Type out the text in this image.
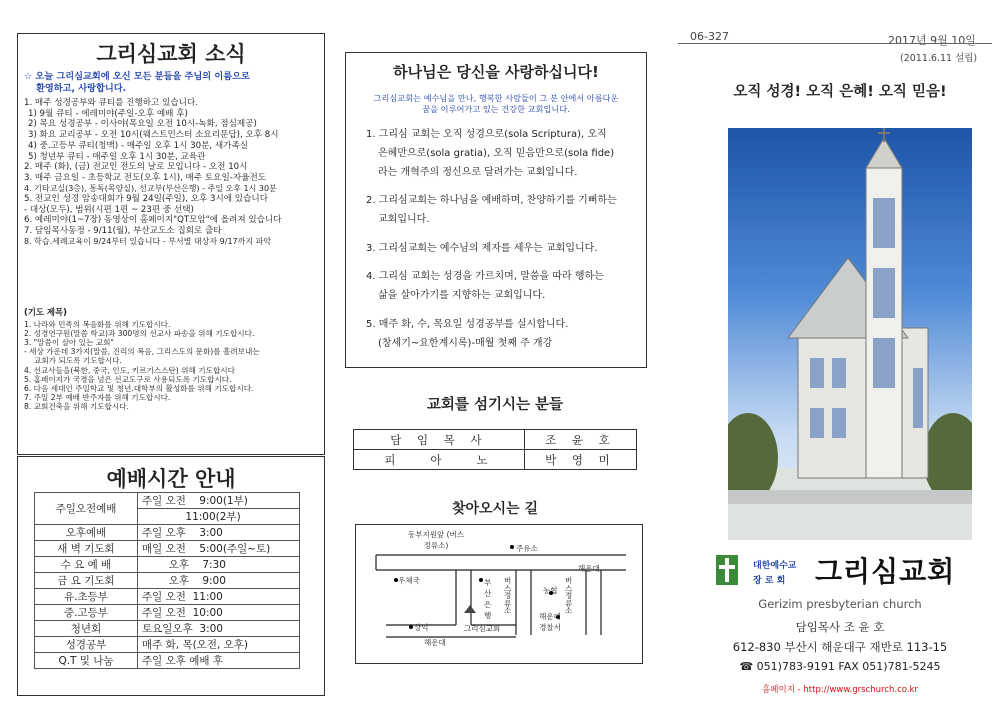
그리심교회 소식
☆ 오늘 그리심교회에 오신 모든 분들을 주님의 이름으로
환영하고, 사랑합니다.
1. 매주 성경공부와 큐티를 진행하고 있습니다.
1) 9월 큐티 - 에레미야(주일-오후 예배 후)
2) 목요 성경공부 - 이사야(목요일 오전 10시-녹화, 점심제공)
3) 화요 교리공부 - 오전 10시(웨스트민스터 소요리문답), 오후 8시
4) 중.고등부 큐티(청맥) - 매주일 오후 1시 30분, 새가족실
5) 청년부 큐티 - 매주일 오후 1시 30분, 교육관
2. 매주 (화), (금) 전교인 전도의 날로 모입니다 - 오전 10시
3. 매주 금요일 - 초등학교 전도(오후 1시), 매주 토요일-자율전도
4. 기타교실(3층), 통독(목양실), 선교부(부산은행) - 주일 오후 1시 30분
5. 전교인 성경 암송대회가 9월 24일(주일), 오후 3시에 있습니다
- 대상(모두), 범위(시편 1편 ~ 23편 중 선택)
6. 예레미야(1~7장) 동영상이 홈페이지"QT모암"에 올려져 있습니다
7. 담임목사동정 - 9/11(월), 부산교도소 집회로 출타
8. 학습.세례교육이 9/24부터 있습니다 - 부서별 대상자 9/17까지 파악
(기도 제목)
1. 나라와 민족의 복음화를 위해 기도합시다.
2. 성경연구원(말씀 학교)과 300명의 선교사 파송을 위해 기도합시다.
3. "말씀이 살아 있는 교회"
- 세상 가운데 3가지(말씀, 진리의 복음, 그리스도의 문화)를 흘려보내는
교회가 되도록 기도합시다.
4. 선교사들을(북한, 중국, 인도, 키르기스스탄) 위해 기도합시다
5. 홈페이지가 국경을 넘은 선교도구로 사용되도록 기도합시다.
6. 다음 세대인 주일학교 및 청년.대학부의 활성화를 위해 기도합시다.
7. 주일 2부 예배 반주자를 위해 기도합시다.
8. 교회건축을 위해 기도합시다.
예배시간 안내
주일오전예배	주일 오전    9:00(1부)
	11:00(2부)
오후예배	주일 오후    3:00
새 벽 기도회	매일 오전    5:00(주일~토)
수 요 예 배	오후    7:30
금 요 기도회	오후    9:00
유.초등부	주일 오전  11:00
중.고등부	주일 오전  10:00
청년회	토요일오후  3:00
성경공부	매주 화, 목(오전, 오후)
Q.T 및 나눔	주일 오후 예배 후
하나님은 당신을 사랑하십니다!
그리심교회는 예수님을 만나, 행복한 사람들이 그 분 안에서 아름다운
꿈을 이루어가고 있는 건강한 교회입니다.
1. 그리심 교회는 오직 성경으로(sola Scriptura), 오직
은혜만으로(sola gratia), 오직 믿음만으로(sola fide)
라는 개혁주의 정신으로 달려가는 교회입니다.
2. 그리심교회는 하나님을 예배하며, 찬양하기를 기뻐하는
교회입니다.
3. 그리심교회는 예수님의 제자를 세우는 교회입니다.
4. 그리심 교회는 성경을 가르치며, 말씀을 따라 행하는
삶을 살아가기를 지향하는 교회입니다.
5. 매주 화, 수, 목요일 성경공부를 실시합니다.
(창세기~요한계시록)-매월 첫째 주 개강
교회를 섬기시는 분들
담 임 목 사	조 윤 호
피   아   노	박 영 미
찾아오시는 길
동부지원앞 (버스정류소)	주유소
우체국	부산은행
버스정류소
버스정류소
해운대
농협
해운대경찰서
상익	그리심교회
해운대
06-327	2017년 9월 10일
(2011.6.11 설립)
오직 성경! 오직 은혜! 오직 믿음!
대한예수교
장 로 회 그리심교회
Gerizim presbyterian church
담임목사 조 윤 호
612-830 부산시 해운대구 재반로 113-15
☎ 051)783-9191 FAX 051)781-5245
홈페이지 - http://www.grschurch.co.kr
